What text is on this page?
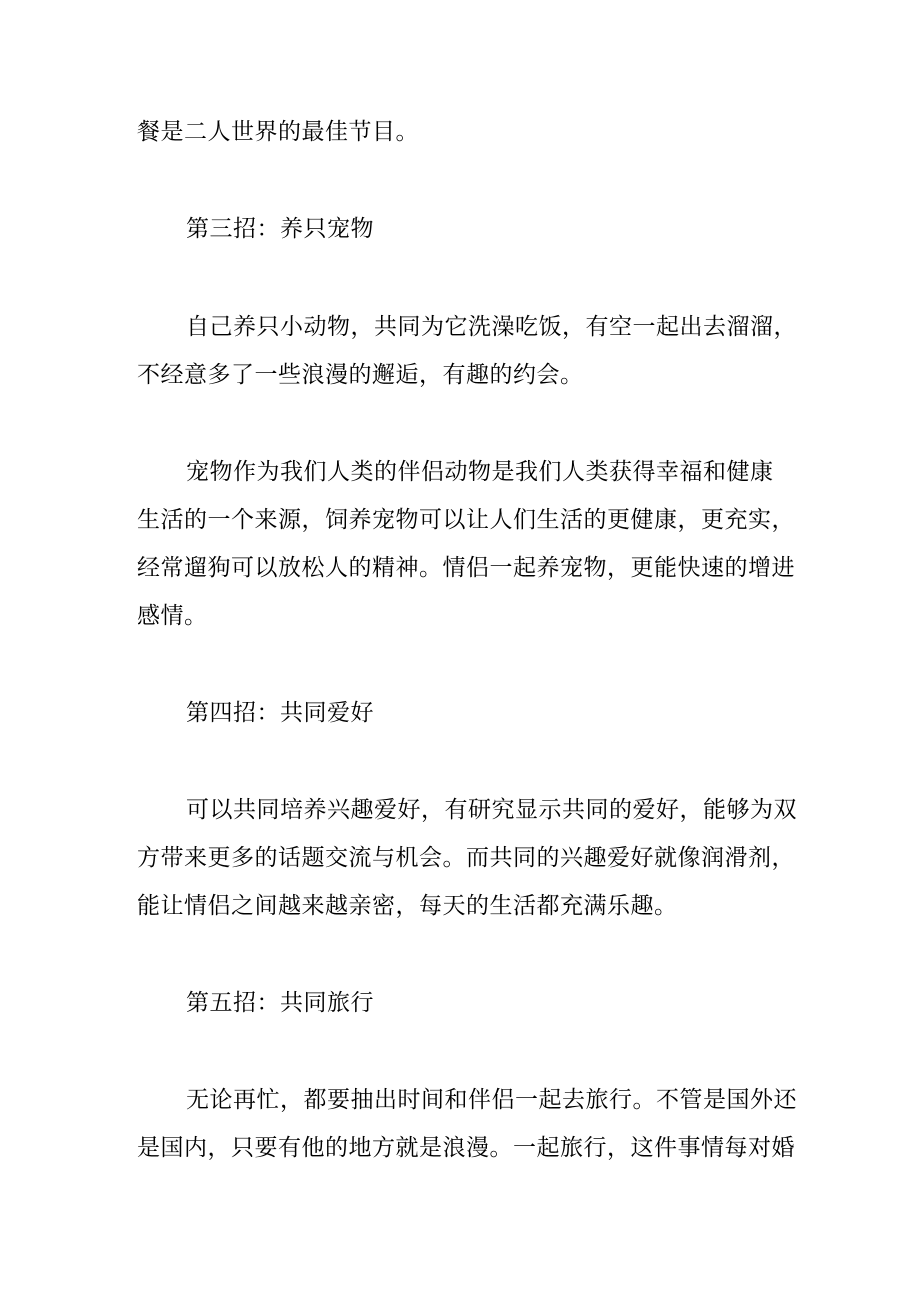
餐是二人世界的最佳节目。
第三招：养只宠物
自己养只小动物，共同为它洗澡吃饭，有空一起出去溜溜，
不经意多了一些浪漫的邂逅，有趣的约会。
宠物作为我们人类的伴侣动物是我们人类获得幸福和健康
生活的一个来源，饲养宠物可以让人们生活的更健康，更充实，
经常遛狗可以放松人的精神。情侣一起养宠物，更能快速的增进
感情。
第四招：共同爱好
可以共同培养兴趣爱好，有研究显示共同的爱好，能够为双
方带来更多的话题交流与机会。而共同的兴趣爱好就像润滑剂，
能让情侣之间越来越亲密，每天的生活都充满乐趣。
第五招：共同旅行
无论再忙，都要抽出时间和伴侣一起去旅行。不管是国外还
是国内，只要有他的地方就是浪漫。一起旅行，这件事情每对婚
